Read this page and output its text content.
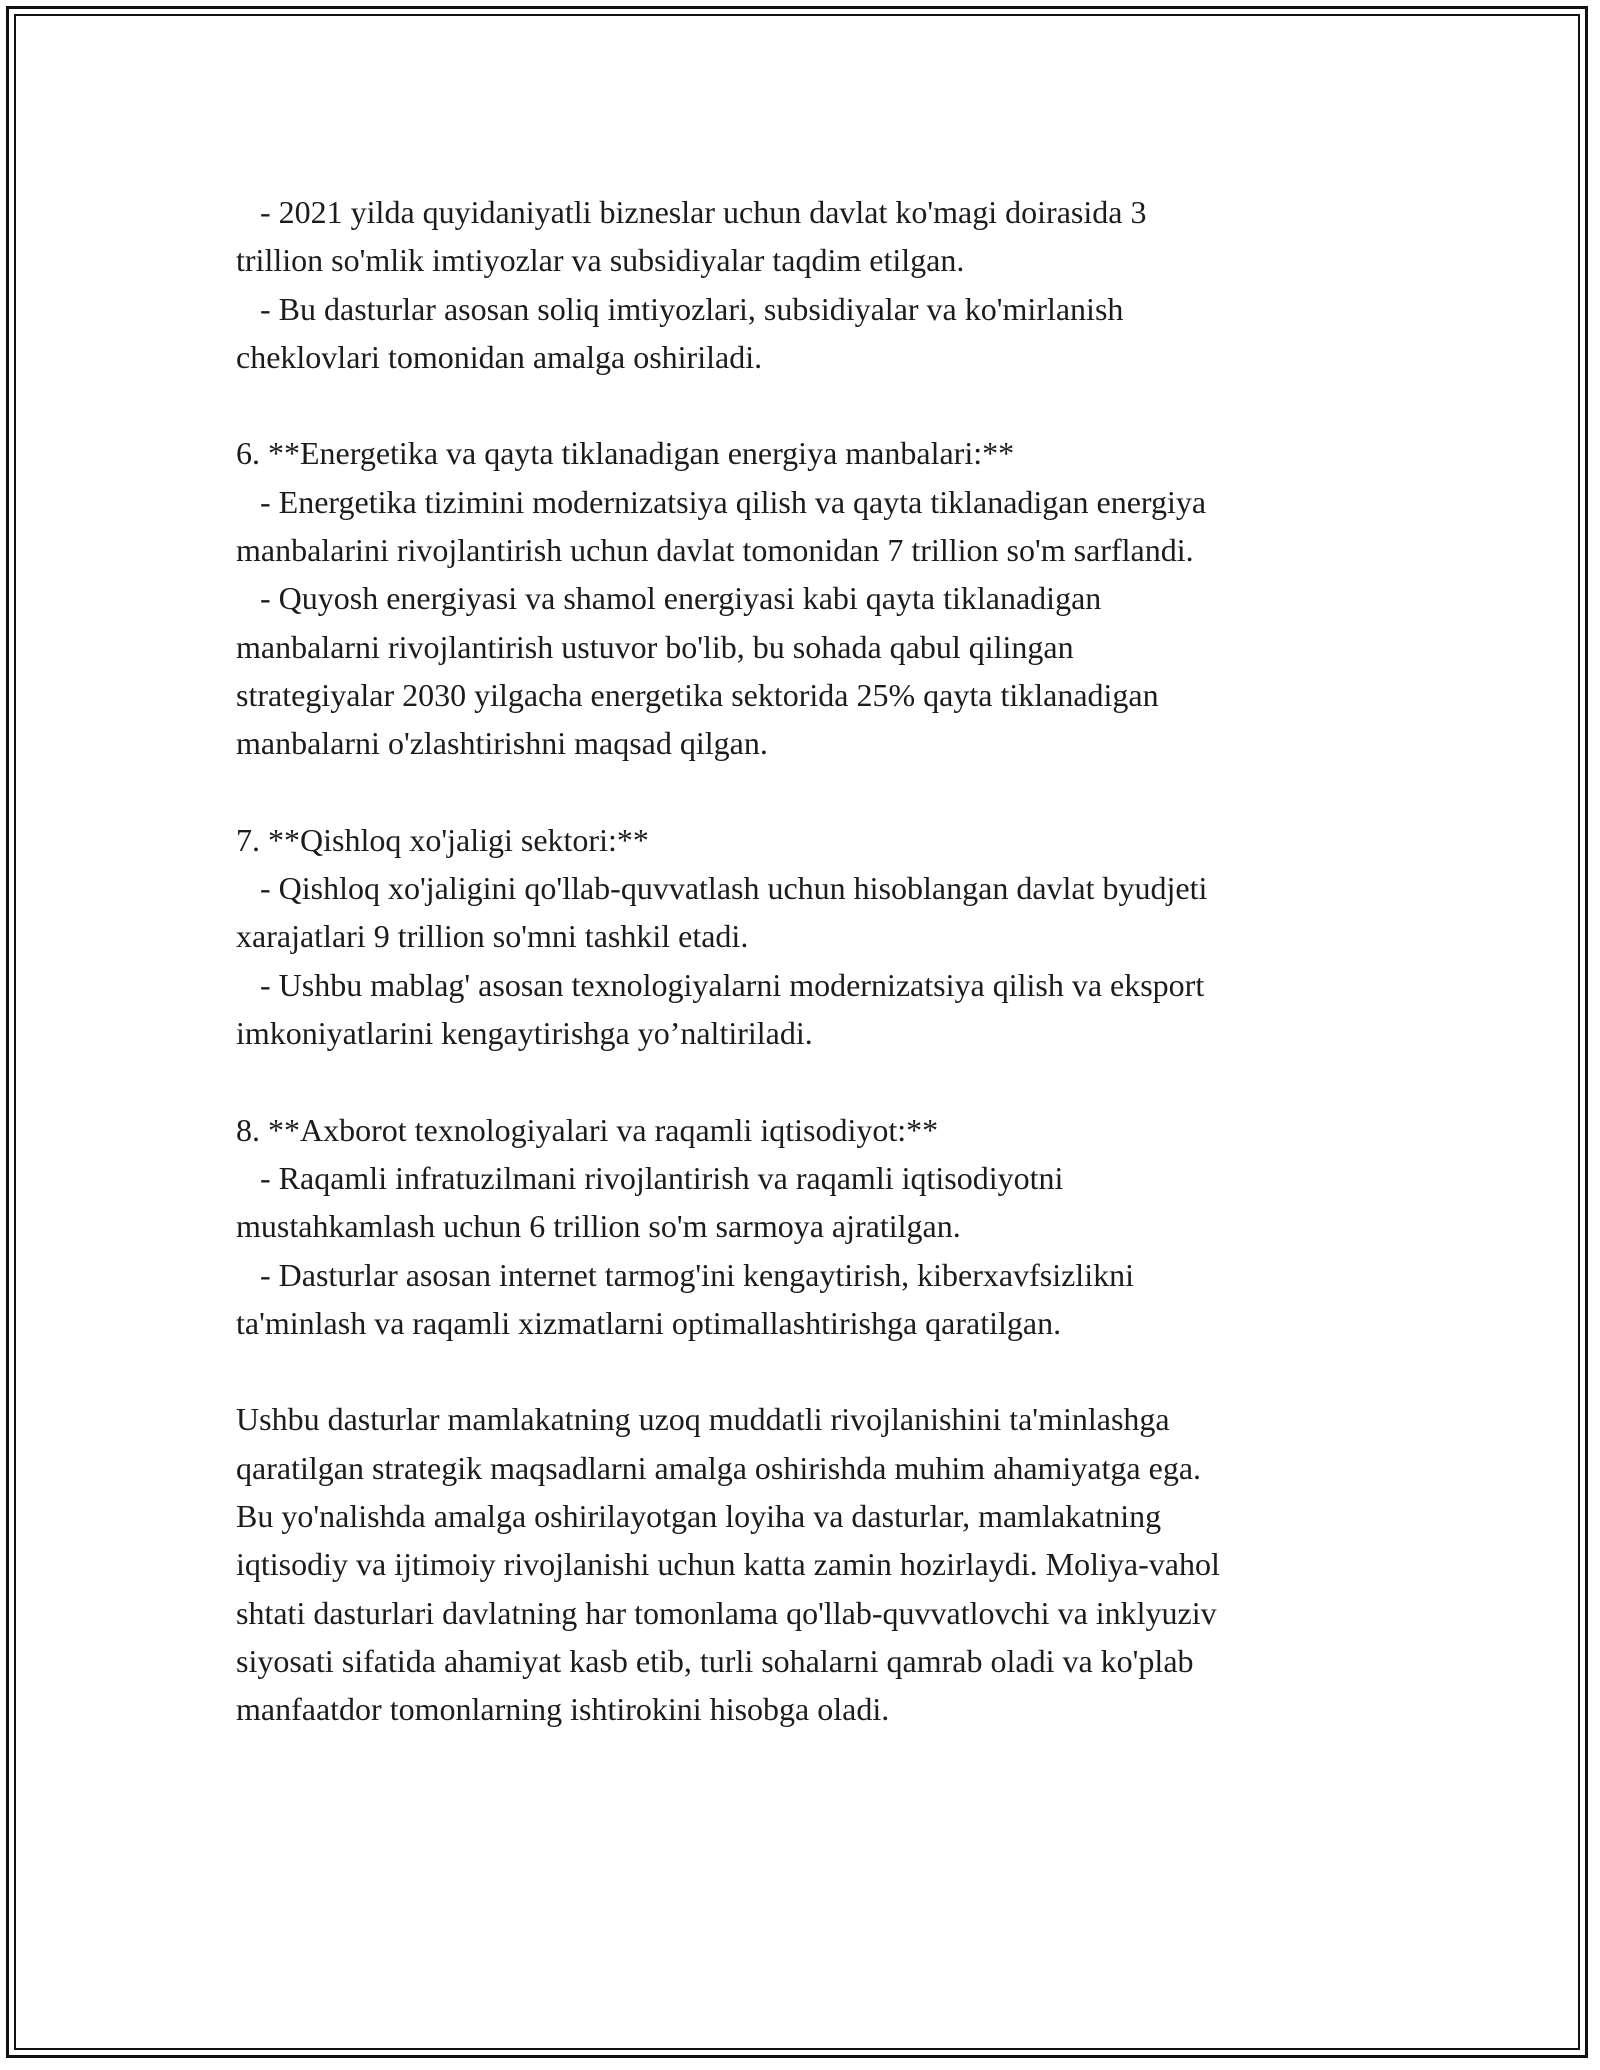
- 2021 yilda quyidaniyatli bizneslar uchun davlat ko'magi doirasida 3
trillion so'mlik imtiyozlar va subsidiyalar taqdim etilgan.
- Bu dasturlar asosan soliq imtiyozlari, subsidiyalar va ko'mirlanish
cheklovlari tomonidan amalga oshiriladi.
6. **Energetika va qayta tiklanadigan energiya manbalari:**
- Energetika tizimini modernizatsiya qilish va qayta tiklanadigan energiya
manbalarini rivojlantirish uchun davlat tomonidan 7 trillion so'm sarflandi.
- Quyosh energiyasi va shamol energiyasi kabi qayta tiklanadigan
manbalarni rivojlantirish ustuvor bo'lib, bu sohada qabul qilingan
strategiyalar 2030 yilgacha energetika sektorida 25% qayta tiklanadigan
manbalarni o'zlashtirishni maqsad qilgan.
7. **Qishloq xo'jaligi sektori:**
- Qishloq xo'jaligini qo'llab-quvvatlash uchun hisoblangan davlat byudjeti
xarajatlari 9 trillion so'mni tashkil etadi.
- Ushbu mablag' asosan texnologiyalarni modernizatsiya qilish va eksport
imkoniyatlarini kengaytirishga yo’naltiriladi.
8. **Axborot texnologiyalari va raqamli iqtisodiyot:**
- Raqamli infratuzilmani rivojlantirish va raqamli iqtisodiyotni
mustahkamlash uchun 6 trillion so'm sarmoya ajratilgan.
- Dasturlar asosan internet tarmog'ini kengaytirish, kiberxavfsizlikni
ta'minlash va raqamli xizmatlarni optimallashtirishga qaratilgan.
Ushbu dasturlar mamlakatning uzoq muddatli rivojlanishini ta'minlashga
qaratilgan strategik maqsadlarni amalga oshirishda muhim ahamiyatga ega.
Bu yo'nalishda amalga oshirilayotgan loyiha va dasturlar, mamlakatning
iqtisodiy va ijtimoiy rivojlanishi uchun katta zamin hozirlaydi. Moliya-vahol
shtati dasturlari davlatning har tomonlama qo'llab-quvvatlovchi va inklyuziv
siyosati sifatida ahamiyat kasb etib, turli sohalarni qamrab oladi va ko'plab
manfaatdor tomonlarning ishtirokini hisobga oladi.
